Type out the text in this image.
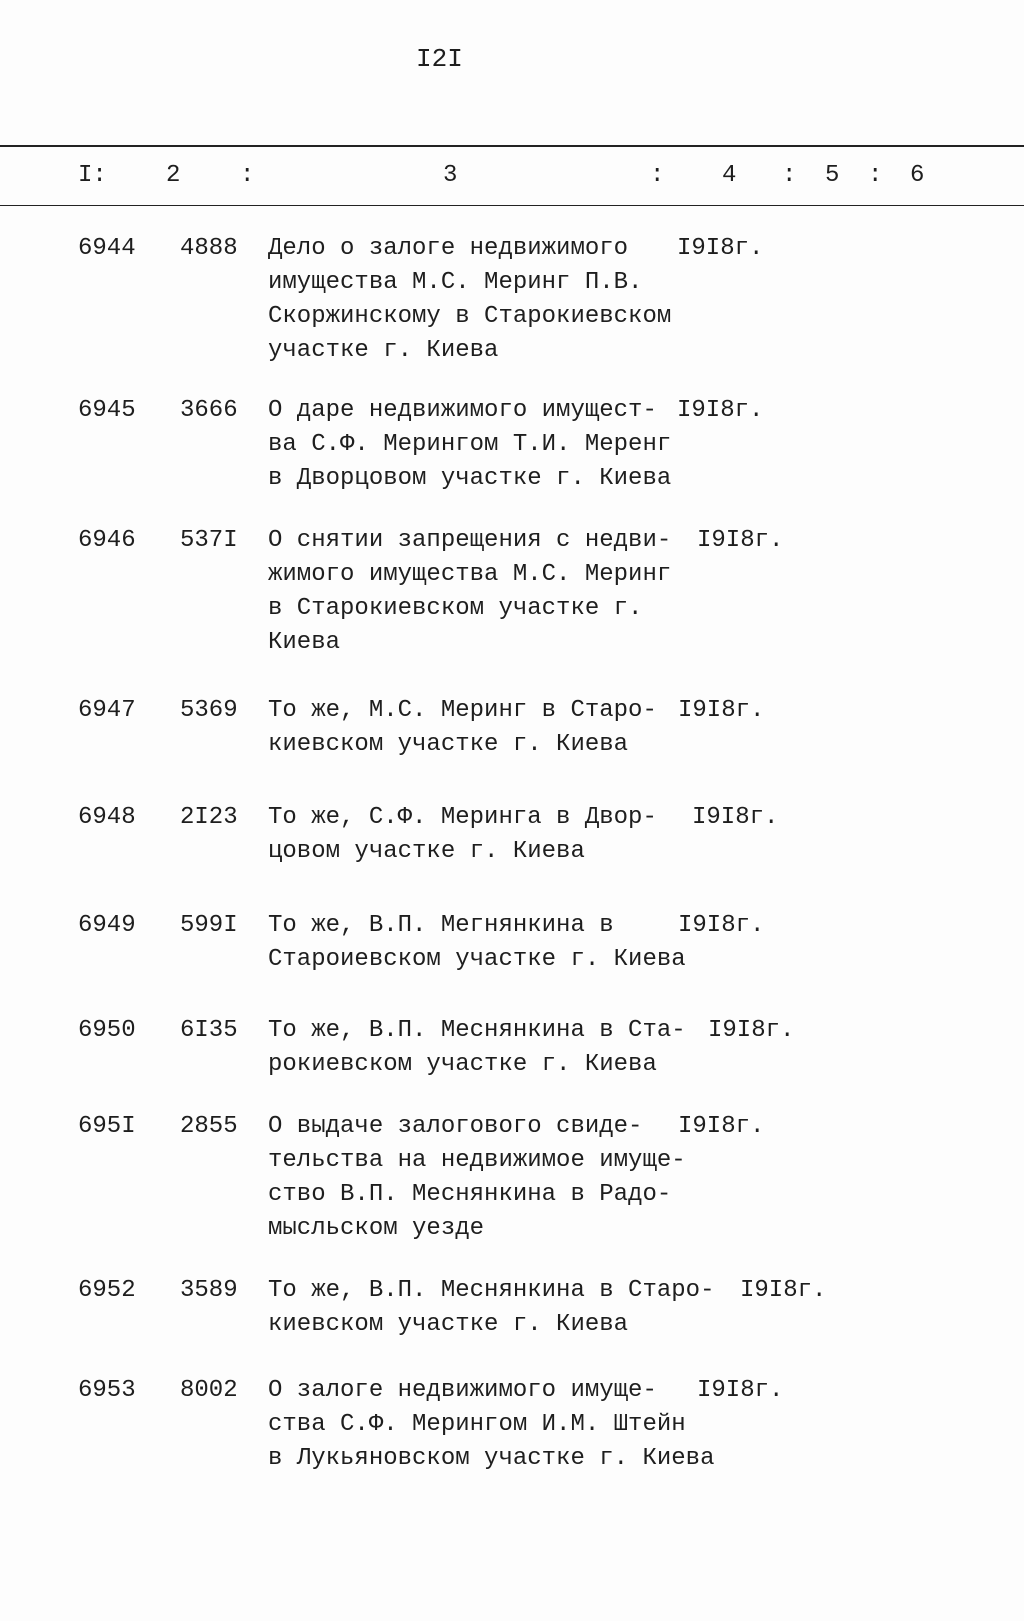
I2I
I: 2 :	3	: 4 : 5 : 6
6944 4888 Дело о залоге недвижимого
имущества М.С. Меринг П.В.
Скоржинскому в Старокиевском
участке г. Киева
I9I8г.
6945 3666 О даре недвижимого имущест-
ва С.Ф. Мерингом Т.И. Меренг
в Дворцовом участке г. Киева
I9I8г.
6946 537I О снятии запрещения с недви-
жимого имущества М.С. Меринг
в Старокиевском участке г.
Киева
I9I8г.
6947 5369 То же, М.С. Меринг в Старо-
киевском участке г. Киева
I9I8г.
6948 2I23 То же, С.Ф. Меринга в Двор-
цовом участке г. Киева
I9I8г.
6949 599I То же, В.П. Мегнянкина в
Староиевском участке г. Киева
I9I8г.
6950 6I35 То же, В.П. Меснянкина в Ста-
рокиевском участке г. Киева
I9I8г.
695I 2855 О выдаче залогового свиде-
тельства на недвижимое имуще-
ство В.П. Меснянкина в Радо-
мысльском уезде
I9I8г.
6952 3589 То же, В.П. Меснянкина в Старо-
киевском участке г. Киева
I9I8г.
6953 8002 О залоге недвижимого имуще-
ства С.Ф. Мерингом И.М. Штейн
в Лукьяновском участке г. Киева
I9I8г.
